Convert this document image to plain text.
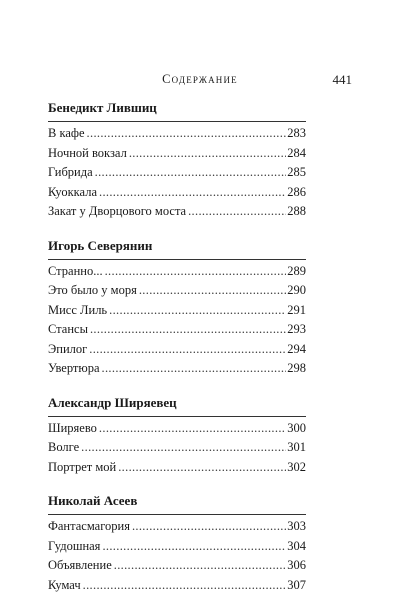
Содержание	441
Бенедикт Лившиц
В кафе . . .	283
Ночной вокзал . . .	284
Гибрида . . .	285
Куоккала . . .	286
Закат у Дворцового моста . . .	288
Игорь Северянин
Странно... . . .	289
Это было у моря . . .	290
Мисс Лиль . . .	291
Стансы . . .	293
Эпилог . . .	294
Увертюра . . .	298
Александр Ширяевец
Ширяево . . .	300
Волге . . .	301
Портрет мой . . .	302
Николай Асеев
Фантасмагория . . .	303
Гудошная . . .	304
Объявление . . .	306
Кумач . . .	307
